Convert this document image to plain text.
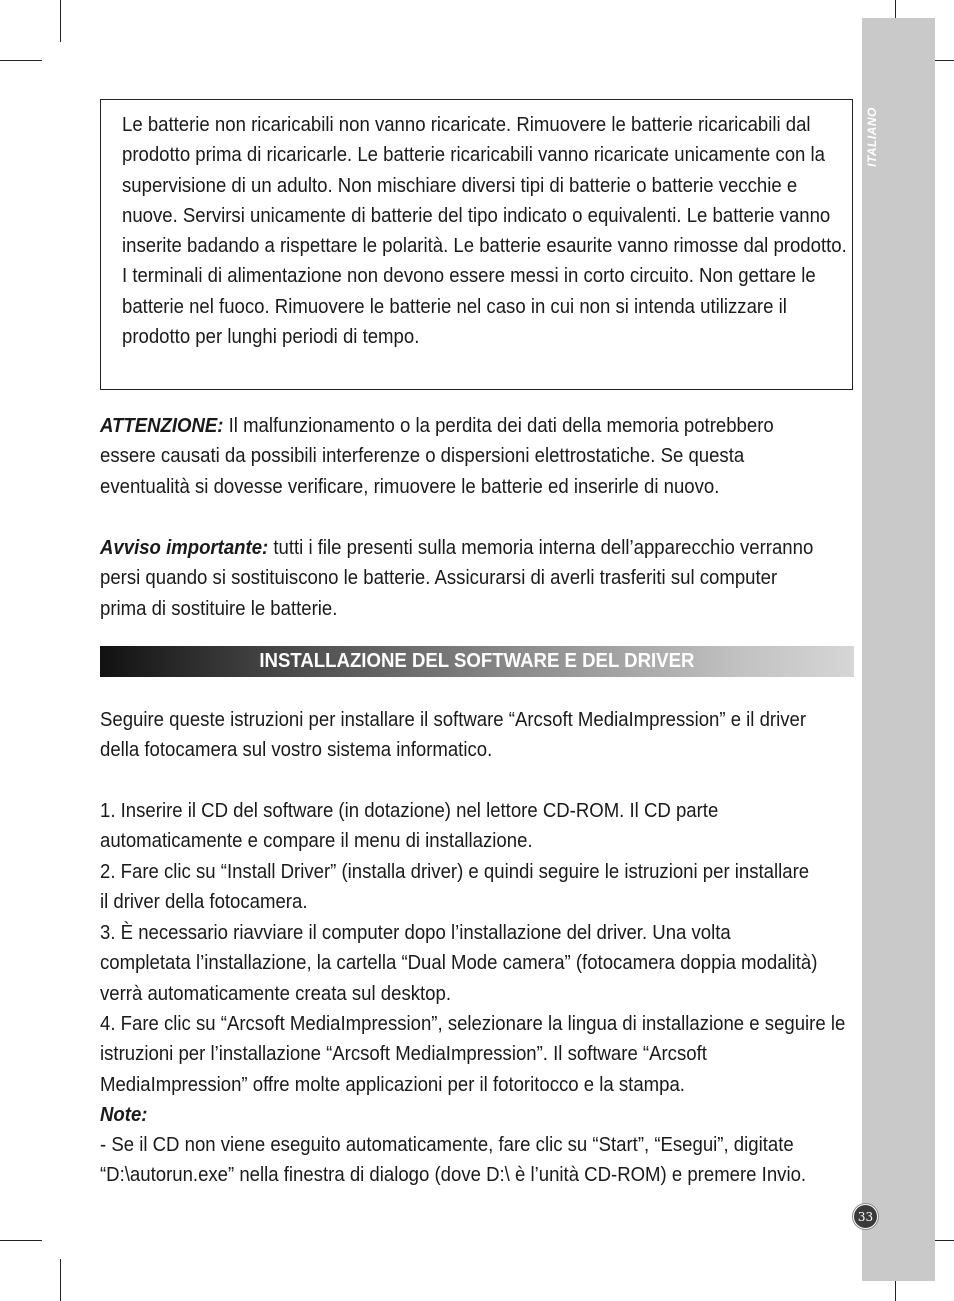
ITALIANO

Le batterie non ricaricabili non vanno ricaricate. Rimuovere le batterie ricaricabili dal prodotto prima di ricaricarle. Le batterie ricaricabili vanno ricaricate unicamente con la supervisione di un adulto. Non mischiare diversi tipi di batterie o batterie vecchie e nuove. Servirsi unicamente di batterie del tipo indicato o equivalenti. Le batterie vanno inserite badando a rispettare le polarità. Le batterie esaurite vanno rimosse dal prodotto. I terminali di alimentazione non devono essere messi in corto circuito. Non gettare le batterie nel fuoco. Rimuovere le batterie nel caso in cui non si intenda utilizzare il prodotto per lunghi periodi di tempo.

ATTENZIONE: Il malfunzionamento o la perdita dei dati della memoria potrebbero essere causati da possibili interferenze o dispersioni elettrostatiche. Se questa eventualità si dovesse verificare, rimuovere le batterie ed inserirle di nuovo.

Avviso importante: tutti i file presenti sulla memoria interna dell’apparecchio verranno persi quando si sostituiscono le batterie. Assicurarsi di averli trasferiti sul computer prima di sostituire le batterie.

INSTALLAZIONE DEL SOFTWARE E DEL DRIVER

Seguire queste istruzioni per installare il software “Arcsoft MediaImpression” e il driver della fotocamera sul vostro sistema informatico.

1. Inserire il CD del software (in dotazione) nel lettore CD-ROM. Il CD parte automaticamente e compare il menu di installazione.

2. Fare clic su “Install Driver” (installa driver) e quindi seguire le istruzioni per installare il driver della fotocamera.

3. È necessario riavviare il computer dopo l’installazione del driver. Una volta completata l’installazione, la cartella “Dual Mode camera” (fotocamera doppia modalità) verrà automaticamente creata sul desktop.

4. Fare clic su “Arcsoft MediaImpression”, selezionare la lingua di installazione e seguire le istruzioni per l’installazione “Arcsoft MediaImpression”. Il software “Arcsoft MediaImpression” offre molte applicazioni per il fotoritocco e la stampa.

Note:

- Se il CD non viene eseguito automaticamente, fare clic su “Start”, “Esegui”, digitate “D:\autorun.exe” nella finestra di dialogo (dove D:\ è l’unità CD-ROM) e premere Invio.

33
